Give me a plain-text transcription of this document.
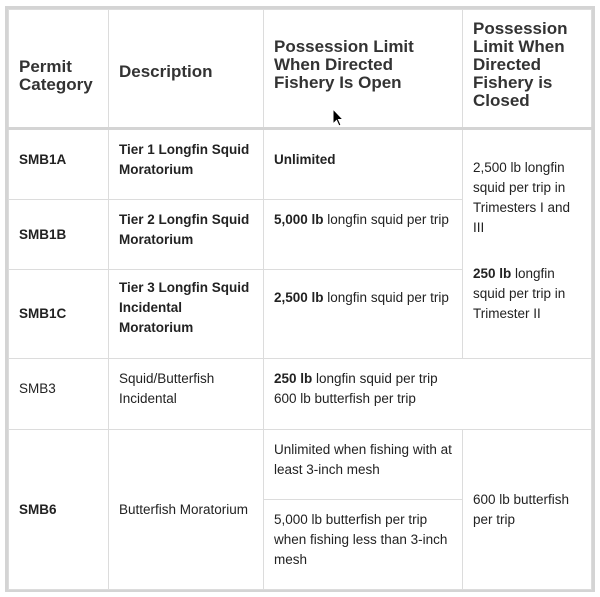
Permit Category	Description	Possession Limit When Directed Fishery Is Open	Possession Limit When Directed Fishery is Closed
SMB1A	Tier 1 Longfin Squid Moratorium	Unlimited	2,500 lb longfin squid per trip in Trimesters I and III
250 lb longfin squid per trip in Trimester II

SMB1B	Tier 2 Longfin Squid Moratorium	5,000 lb longfin squid per trip	
SMB1C	Tier 3 Longfin Squid Incidental Moratorium	2,500 lb longfin squid per trip	
SMB3	Squid/Butterfish Incidental	250 lb longfin squid per trip
600 lb butterfish per trip	

SMB6	Butterfish Moratorium	Unlimited when fishing with at least 3-inch mesh	600 lb butterfish per trip
		5,000 lb butterfish per trip when fishing less than 3-inch mesh	
